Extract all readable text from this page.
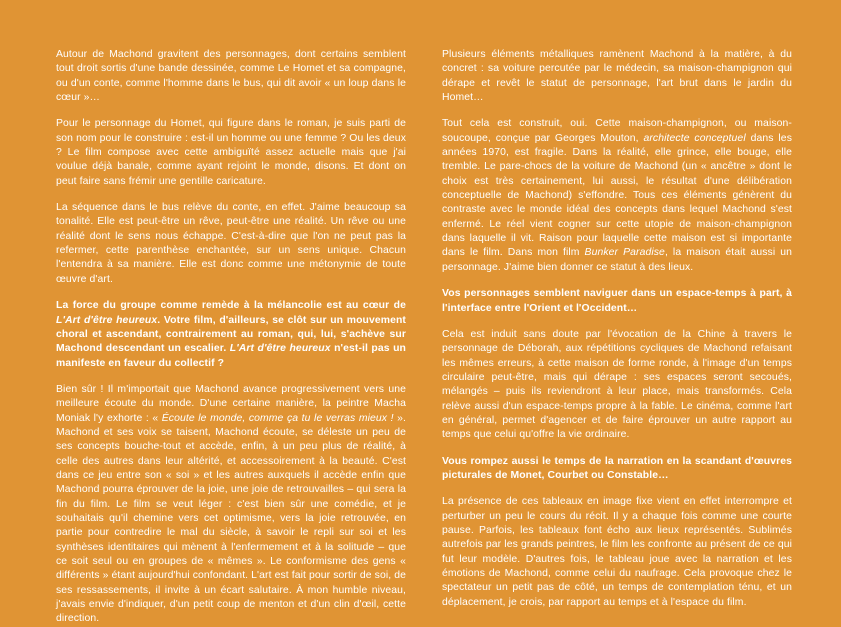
Autour de Machond gravitent des personnages, dont certains semblent tout droit sortis d'une bande dessinée, comme Le Homet et sa compagne, ou d'un conte, comme l'homme dans le bus, qui dit avoir « un loup dans le cœur »…

Pour le personnage du Homet, qui figure dans le roman, je suis parti de son nom pour le construire : est-il un homme ou une femme ? Ou les deux ? Le film compose avec cette ambiguïté assez actuelle mais que j'ai voulue déjà banale, comme ayant rejoint le monde, disons. Et dont on peut faire sans frémir une gentille caricature.

La séquence dans le bus relève du conte, en effet. J'aime beaucoup sa tonalité. Elle est peut-être un rêve, peut-être une réalité. Un rêve ou une réalité dont le sens nous échappe. C'est-à-dire que l'on ne peut pas la refermer, cette parenthèse enchantée, sur un sens unique. Chacun l'entendra à sa manière. Elle est donc comme une métonymie de toute œuvre d'art.

La force du groupe comme remède à la mélancolie est au cœur de L'Art d'être heureux. Votre film, d'ailleurs, se clôt sur un mouvement choral et ascendant, contrairement au roman, qui, lui, s'achève sur Machond descendant un escalier. L'Art d'être heureux n'est-il pas un manifeste en faveur du collectif ?

Bien sûr ! Il m'importait que Machond avance progressivement vers une meilleure écoute du monde. D'une certaine manière, la peintre Macha Moniak l'y exhorte : « Écoute le monde, comme ça tu le verras mieux ! ». Machond et ses voix se taisent, Machond écoute, se déleste un peu de ses concepts bouche-tout et accède, enfin, à un peu plus de réalité, à celle des autres dans leur altérité, et accessoirement à la beauté. C'est dans ce jeu entre son « soi » et les autres auxquels il accède enfin que Machond pourra éprouver de la joie, une joie de retrouvailles – qui sera la fin du film. Le film se veut léger : c'est bien sûr une comédie, et je souhaitais qu'il chemine vers cet optimisme, vers la joie retrouvée, en partie pour contredire le mal du siècle, à savoir le repli sur soi et les synthèses identitaires qui mènent à l'enfermement et à la solitude – que ce soit seul ou en groupes de « mêmes ». Le conformisme des gens « différents » étant aujourd'hui confondant. L'art est fait pour sortir de soi, de ses ressassements, il invite à un écart salutaire. À mon humble niveau, j'avais envie d'indiquer, d'un petit coup de menton et d'un clin d'œil, cette direction.

Plusieurs éléments métalliques ramènent Machond à la matière, à du concret : sa voiture percutée par le médecin, sa maison-champignon qui dérape et revêt le statut de personnage, l'art brut dans le jardin du Homet…

Tout cela est construit, oui. Cette maison-champignon, ou maison-soucoupe, conçue par Georges Mouton, architecte conceptuel dans les années 1970, est fragile. Dans la réalité, elle grince, elle bouge, elle tremble. Le pare-chocs de la voiture de Machond (un « ancêtre » dont le choix est très certainement, lui aussi, le résultat d'une délibération conceptuelle de Machond) s'effondre. Tous ces éléments génèrent du contraste avec le monde idéal des concepts dans lequel Machond s'est enfermé. Le réel vient cogner sur cette utopie de maison-champignon dans laquelle il vit. Raison pour laquelle cette maison est si importante dans le film. Dans mon film Bunker Paradise, la maison était aussi un personnage. J'aime bien donner ce statut à des lieux.

Vos personnages semblent naviguer dans un espace-temps à part, à l'interface entre l'Orient et l'Occident…

Cela est induit sans doute par l'évocation de la Chine à travers le personnage de Déborah, aux répétitions cycliques de Machond refaisant les mêmes erreurs, à cette maison de forme ronde, à l'image d'un temps circulaire peut-être, mais qui dérape : ses espaces seront secoués, mélangés – puis ils reviendront à leur place, mais transformés. Cela relève aussi d'un espace-temps propre à la fable. Le cinéma, comme l'art en général, permet d'agencer et de faire éprouver un autre rapport au temps que celui qu'offre la vie ordinaire.

Vous rompez aussi le temps de la narration en la scandant d'œuvres picturales de Monet, Courbet ou Constable…

La présence de ces tableaux en image fixe vient en effet interrompre et perturber un peu le cours du récit. Il y a chaque fois comme une courte pause. Parfois, les tableaux font écho aux lieux représentés. Sublimés autrefois par les grands peintres, le film les confronte au présent de ce qui fut leur modèle. D'autres fois, le tableau joue avec la narration et les émotions de Machond, comme celui du naufrage. Cela provoque chez le spectateur un petit pas de côté, un temps de contemplation ténu, et un déplacement, je crois, par rapport au temps et à l'espace du film.
